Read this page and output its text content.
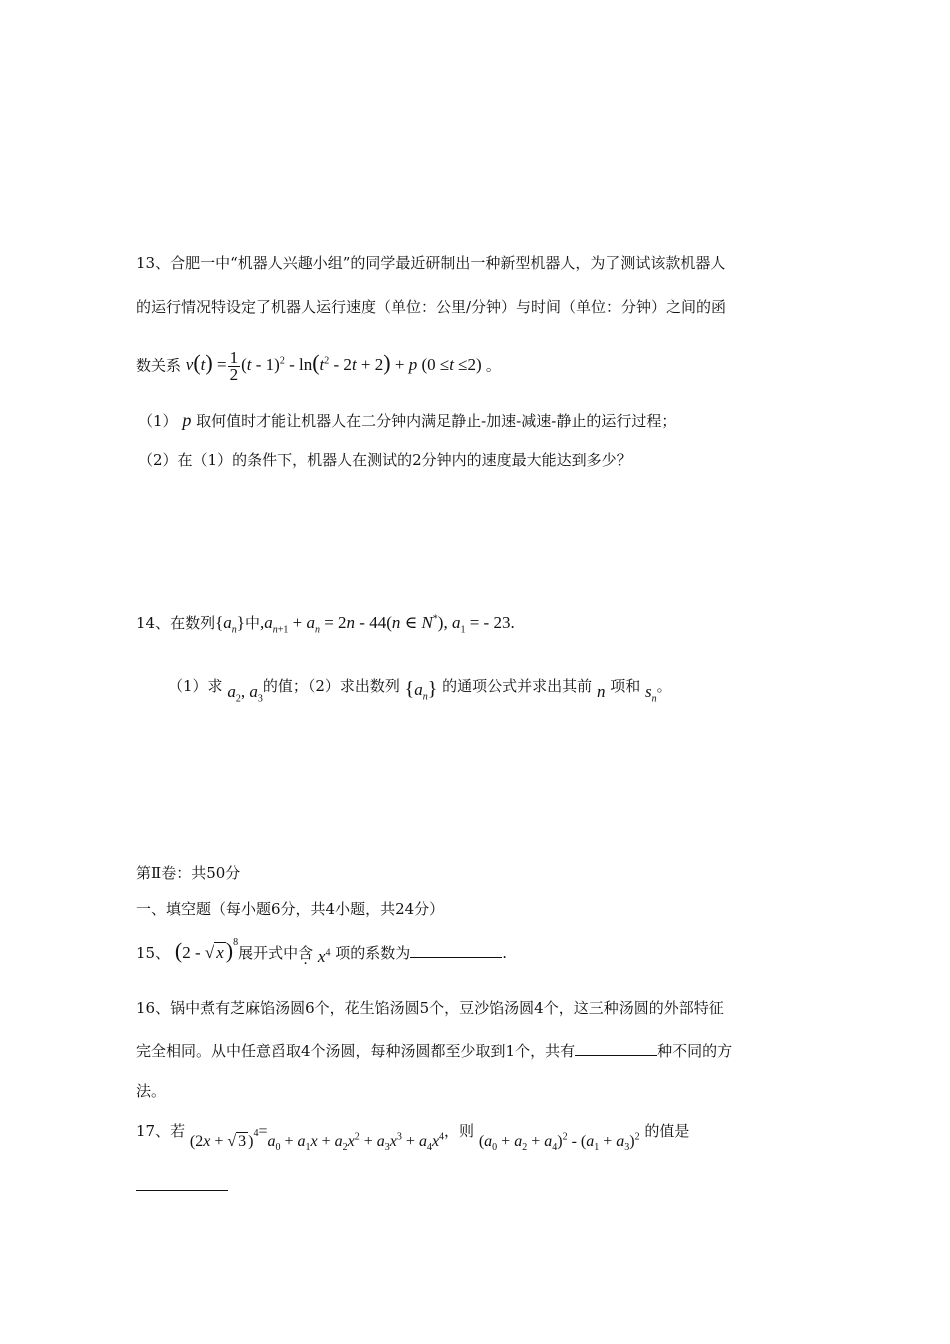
13、合肥一中“机器人兴趣小组”的同学最近研制出一种新型机器人，为了测试该款机器人
的运行情况特设定了机器人运行速度（单位：公里/分钟）与时间（单位：分钟）之间的函
数关系 $v(t) = \frac{1}{2} (t - 1)^2 - \ln(t^2 - 2t + 2) + p$ (0 ≤t ≤2) 。
（1） p 取何值时才能让机器人在二分钟内满足静止-加速-减速-静止的运行过程；
（2）在（1）的条件下，机器人在测试的2分钟内的速度最大能达到多少？
14、在数列$\{a_n\}$中$,a_{n+1} + a_n = 2n - 44(n$ ∈ N*), $a_1$ = - 23.
（1）求 $a_2$, $a_3$的值；（2）求出数列 $\{a_n\}$ 的通项公式并求出其前 n 项和 $s_n$。
第Ⅱ卷：共50分
一、填空题（每小题6分，共4小题，共24分）
15、 (2 - √ x)$^8$展开式中含 $x^4$ 项的系数为	.
16、锅中煮有芝麻馅汤圆6个，花生馅汤圆5个，豆沙馅汤圆4个，这三种汤圆的外部特征
完全相同。从中任意舀取4个汤圆，每种汤圆都至少取到1个，共有	种不同的方
法。
17、若 (2x + √ 3 )$^4=a_0 + a_1x + a_2x^2 + a_3x^3 + a_4x^4$，则 $(a_0 + a_2 + a_4)^2 - (a_1 + a_3)^2$ 的值是
